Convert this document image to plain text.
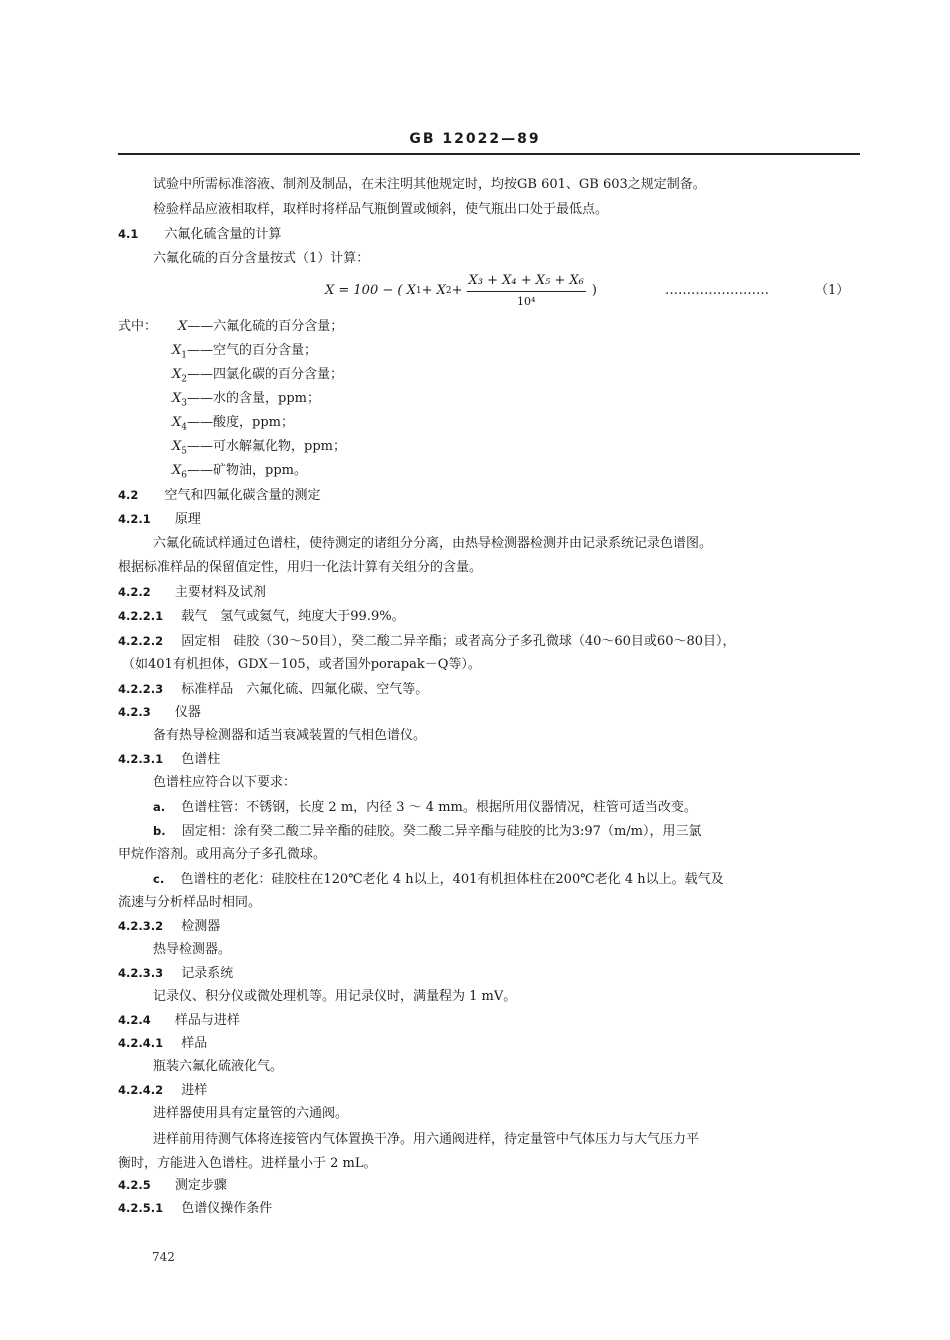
GB 12022—89
试验中所需标准溶液、制剂及制品，在未注明其他规定时，均按GB 601、GB 603之规定制备。
检验样品应液相取样，取样时将样品气瓶倒置或倾斜，使气瓶出口处于最低点。
4.1 六氟化硫含量的计算
六氟化硫的百分含量按式（1）计算：
X = 100 − ( X 1 + X $2 + \frac{\text{X₃ + X₄ + X₅ + X₆}}{\text{10⁴}}$ )	……………………	（1）
式中： X——六氟化硫的百分含量；
$X_1——$空气的百分含量；
$X_2——$四氯化碳的百分含量；
$X_3——$水的含量，ppm；
$X_4——$酸度，ppm；
$X_5——$可水解氟化物，ppm；
$X_6——$矿物油，ppm。
4.2 空气和四氟化碳含量的测定
4.2.1 原理
六氟化硫试样通过色谱柱，使待测定的诸组分分离，由热导检测器检测并由记录系统记录色谱图。
根据标准样品的保留值定性，用归一化法计算有关组分的含量。
4.2.2 主要材料及试剂
4.2.2.1 载气　氢气或氦气，纯度大于99.9%。
4.2.2.2 固定相　硅胶（30～50目），癸二酸二异辛酯；或者高分子多孔微球（40～60目或60～80目），
（如401有机担体，GDX－105，或者国外porapak－Q等）。
4.2.2.3 标准样品　六氟化硫、四氟化碳、空气等。
4.2.3 仪器
备有热导检测器和适当衰减装置的气相色谱仪。
4.2.3.1 色谱柱
色谱柱应符合以下要求：
a. 色谱柱管：不锈钢，长度 2 m，内径 3 ～ 4 mm。根据所用仪器情况，柱管可适当改变。
b. 固定相：涂有癸二酸二异辛酯的硅胶。癸二酸二异辛酯与硅胶的比为3:97（m/m），用三氯
甲烷作溶剂。或用高分子多孔微球。
c. 色谱柱的老化：硅胶柱在120℃老化 4 h以上，401有机担体柱在200℃老化 4 h以上。载气及
流速与分析样品时相同。
4.2.3.2 检测器
热导检测器。
4.2.3.3 记录系统
记录仪、积分仪或微处理机等。用记录仪时，满量程为 1 mV。
4.2.4 样品与进样
4.2.4.1 样品
瓶装六氟化硫液化气。
4.2.4.2 进样
进样器使用具有定量管的六通阀。
进样前用待测气体将连接管内气体置换干净。用六通阀进样，待定量管中气体压力与大气压力平
衡时，方能进入色谱柱。进样量小于 2 mL。
4.2.5 测定步骤
4.2.5.1 色谱仪操作条件
742
